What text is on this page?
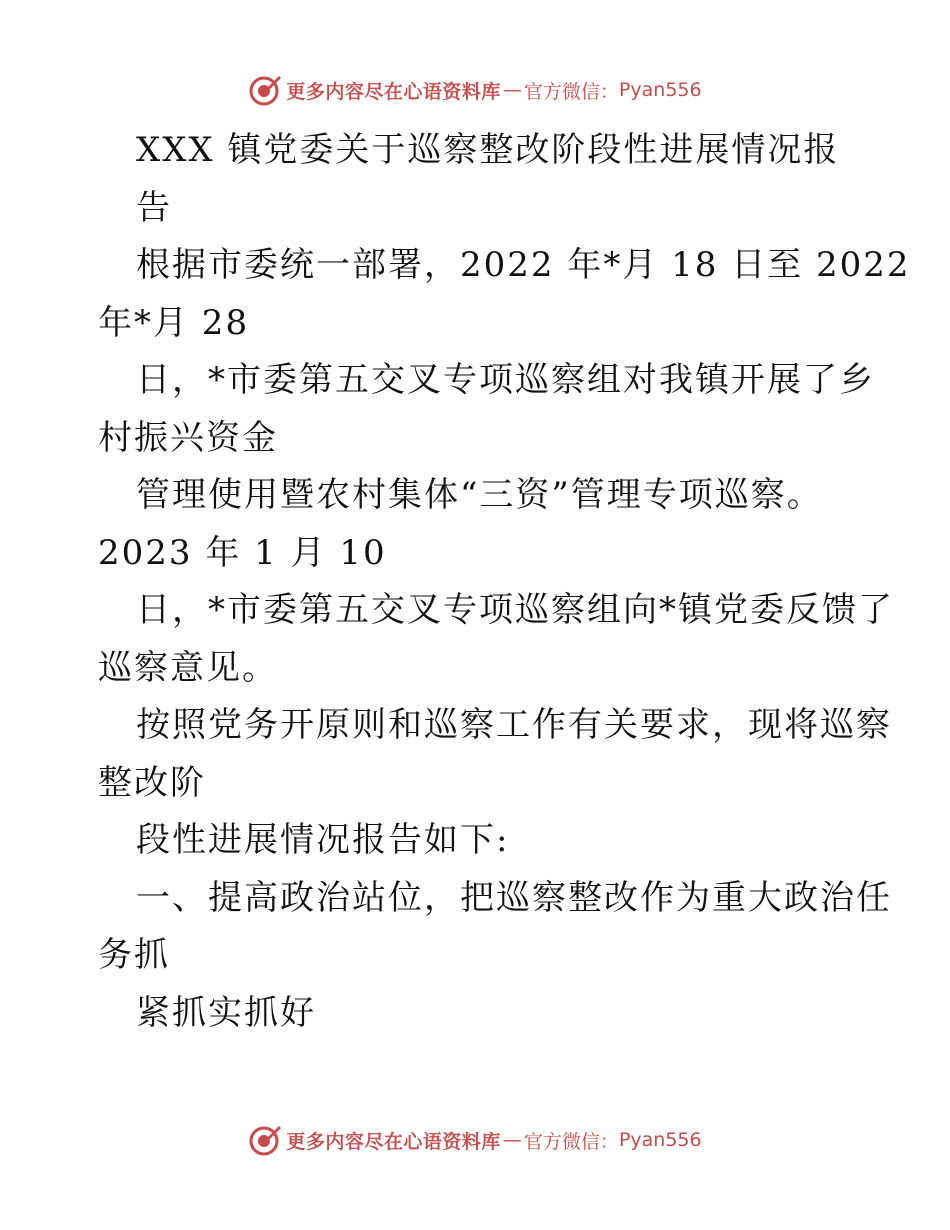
更多内容尽在心语资料库 — 官方微信： Pyan556
XXX 镇党委关于巡察整改阶段性进展情况报
告
根据市委统一部署，2022 年*月 18 日至 2022
年*月 28
日，*市委第五交叉专项巡察组对我镇开展了乡
村振兴资金
管理使用暨农村集体“三资”管理专项巡察。
2023 年 1 月 10
日，*市委第五交叉专项巡察组向*镇党委反馈了
巡察意见。
按照党务开原则和巡察工作有关要求，现将巡察
整改阶
段性进展情况报告如下:
一、提高政治站位，把巡察整改作为重大政治任
务抓
紧抓实抓好
更多内容尽在心语资料库 — 官方微信： Pyan556
